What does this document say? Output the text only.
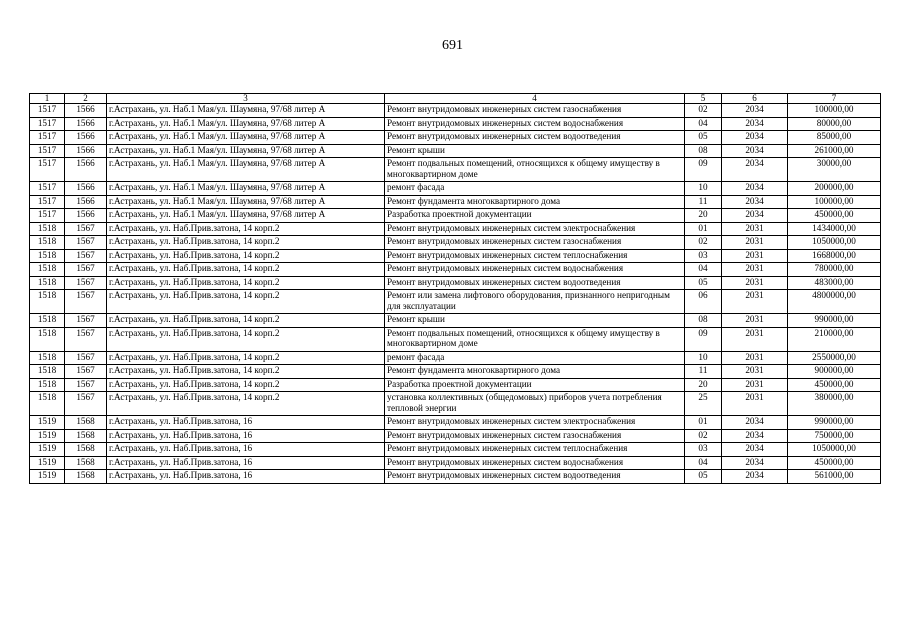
691
1	2	3	4	5	6	7
1517	1566	г.Астрахань, ул. Наб.1 Мая/ул. Шаумяна, 97/68 литер А	Ремонт внутридомовых инженерных систем газоснабжения	02	2034	100000,00
1517	1566	г.Астрахань, ул. Наб.1 Мая/ул. Шаумяна, 97/68 литер А	Ремонт внутридомовых инженерных систем водоснабжения	04	2034	80000,00
1517	1566	г.Астрахань, ул. Наб.1 Мая/ул. Шаумяна, 97/68 литер А	Ремонт внутридомовых инженерных систем водоотведения	05	2034	85000,00
1517	1566	г.Астрахань, ул. Наб.1 Мая/ул. Шаумяна, 97/68 литер А	Ремонт крыши	08	2034	261000,00
1517	1566	г.Астрахань, ул. Наб.1 Мая/ул. Шаумяна, 97/68 литер А	Ремонт подвальных помещений, относящихся к общему имуществу в многоквартирном доме	09	2034	30000,00
1517	1566	г.Астрахань, ул. Наб.1 Мая/ул. Шаумяна, 97/68 литер А	ремонт фасада	10	2034	200000,00
1517	1566	г.Астрахань, ул. Наб.1 Мая/ул. Шаумяна, 97/68 литер А	Ремонт фундамента многоквартирного дома	11	2034	100000,00
1517	1566	г.Астрахань, ул. Наб.1 Мая/ул. Шаумяна, 97/68 литер А	Разработка проектной документации	20	2034	450000,00
1518	1567	г.Астрахань, ул. Наб.Прив.затона, 14 корп.2	Ремонт внутридомовых инженерных систем электроснабжения	01	2031	1434000,00
1518	1567	г.Астрахань, ул. Наб.Прив.затона, 14 корп.2	Ремонт внутридомовых инженерных систем газоснабжения	02	2031	1050000,00
1518	1567	г.Астрахань, ул. Наб.Прив.затона, 14 корп.2	Ремонт внутридомовых инженерных систем теплоснабжения	03	2031	1668000,00
1518	1567	г.Астрахань, ул. Наб.Прив.затона, 14 корп.2	Ремонт внутридомовых инженерных систем водоснабжения	04	2031	780000,00
1518	1567	г.Астрахань, ул. Наб.Прив.затона, 14 корп.2	Ремонт внутридомовых инженерных систем водоотведения	05	2031	483000,00
1518	1567	г.Астрахань, ул. Наб.Прив.затона, 14 корп.2	Ремонт или замена лифтового оборудования, признанного непригодным для эксплуатации	06	2031	4800000,00
1518	1567	г.Астрахань, ул. Наб.Прив.затона, 14 корп.2	Ремонт крыши	08	2031	990000,00
1518	1567	г.Астрахань, ул. Наб.Прив.затона, 14 корп.2	Ремонт подвальных помещений, относящихся к общему имуществу в многоквартирном доме	09	2031	210000,00
1518	1567	г.Астрахань, ул. Наб.Прив.затона, 14 корп.2	ремонт фасада	10	2031	2550000,00
1518	1567	г.Астрахань, ул. Наб.Прив.затона, 14 корп.2	Ремонт фундамента многоквартирного дома	11	2031	900000,00
1518	1567	г.Астрахань, ул. Наб.Прив.затона, 14 корп.2	Разработка проектной документации	20	2031	450000,00
1518	1567	г.Астрахань, ул. Наб.Прив.затона, 14 корп.2	установка коллективных (общедомовых) приборов учета потребления тепловой энергии	25	2031	380000,00
1519	1568	г.Астрахань, ул. Наб.Прив.затона, 16	Ремонт внутридомовых инженерных систем электроснабжения	01	2034	990000,00
1519	1568	г.Астрахань, ул. Наб.Прив.затона, 16	Ремонт внутридомовых инженерных систем газоснабжения	02	2034	750000,00
1519	1568	г.Астрахань, ул. Наб.Прив.затона, 16	Ремонт внутридомовых инженерных систем теплоснабжения	03	2034	1050000,00
1519	1568	г.Астрахань, ул. Наб.Прив.затона, 16	Ремонт внутридомовых инженерных систем водоснабжения	04	2034	450000,00
1519	1568	г.Астрахань, ул. Наб.Прив.затона, 16	Ремонт внутридомовых инженерных систем водоотведения	05	2034	561000,00
